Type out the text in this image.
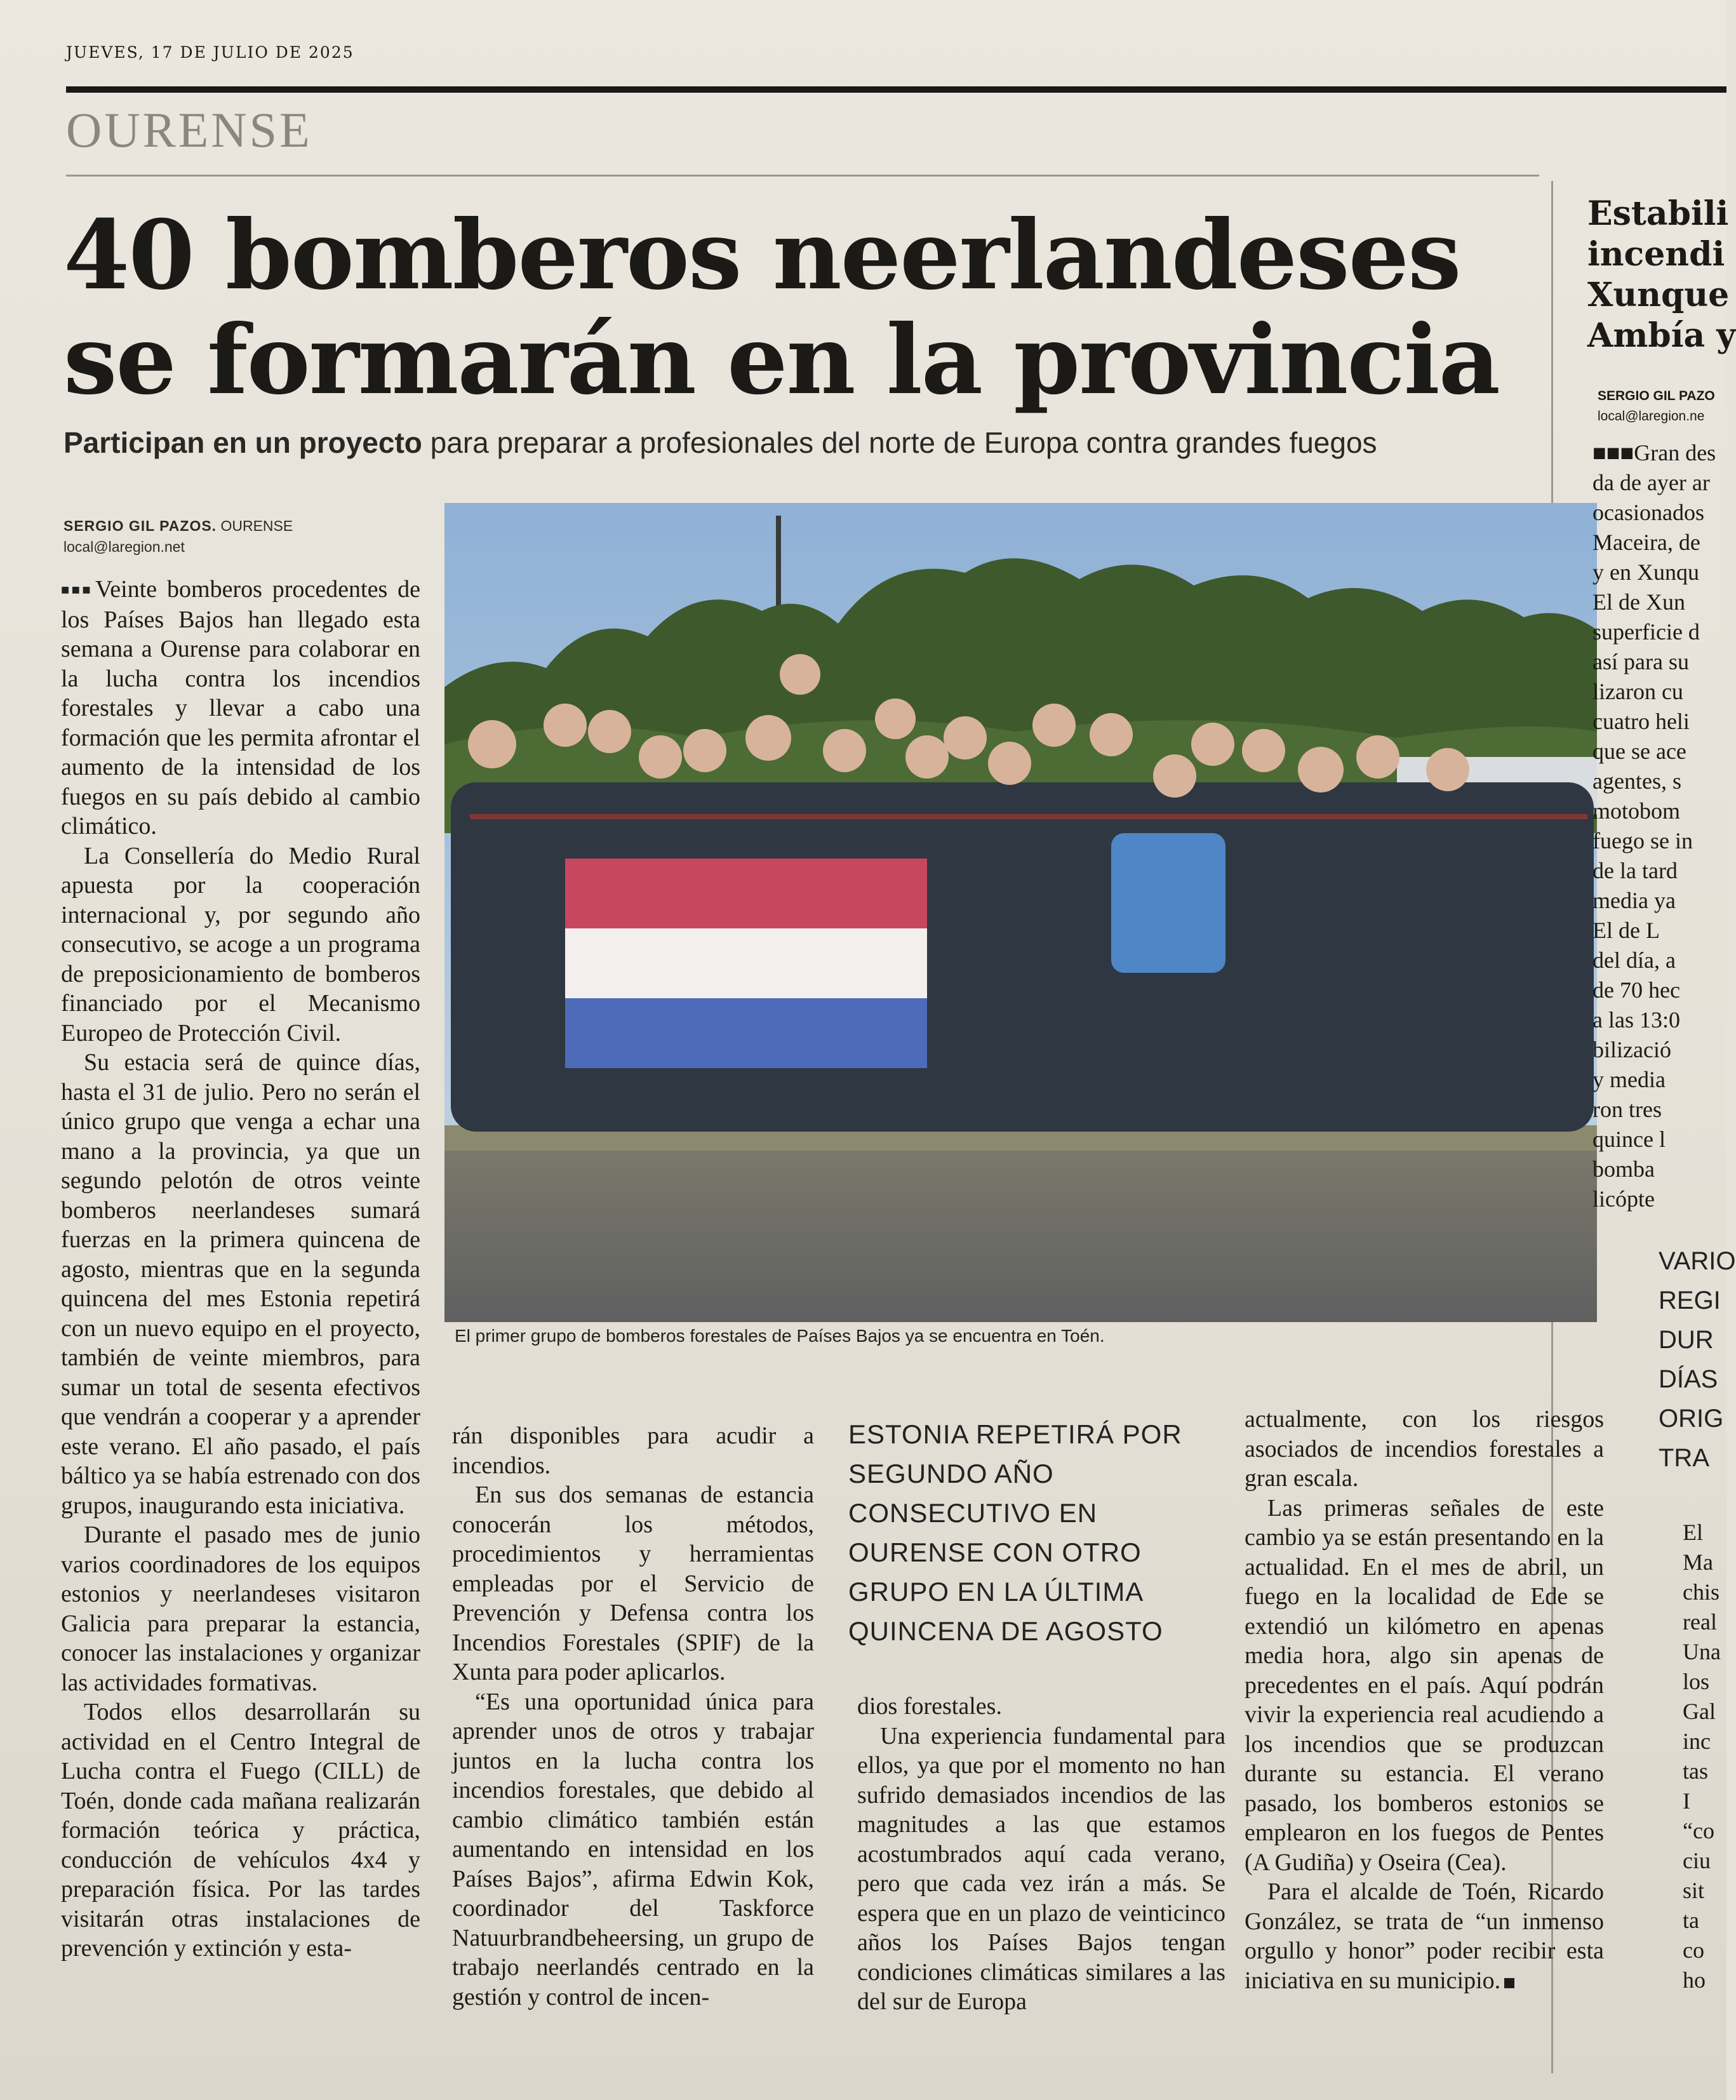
JUEVES, 17 DE JULIO DE 2025
OURENSE
40 bomberos neerlandeses
se formarán en la provincia
Participan en un proyecto para preparar a profesionales del norte de Europa contra grandes fuegos
SERGIO GIL PAZOS. OURENSE
local@laregion.net

■■■ Veinte bomberos procedentes de los Países Bajos han llegado esta semana a Ourense para colaborar en la lucha contra los incendios forestales y llevar a cabo una formación que les permita afrontar el aumento de la intensidad de los fuegos en su país debido al cambio climático.

La Consellería do Medio Rural apuesta por la cooperación internacional y, por segundo año consecutivo, se acoge a un programa de preposicionamiento de bomberos financiado por el Mecanismo Europeo de Protección Civil.

Su estacia será de quince días, hasta el 31 de julio. Pero no serán el único grupo que venga a echar una mano a la provincia, ya que un segundo pelotón de otros veinte bomberos neerlandeses sumará fuerzas en la primera quincena de agosto, mientras que en la segunda quincena del mes Estonia repetirá con un nuevo equipo en el proyecto, también de veinte miembros, para sumar un total de sesenta efectivos que vendrán a cooperar y a aprender este verano. El año pasado, el país báltico ya se había estrenado con dos grupos, inaugurando esta iniciativa.

Durante el pasado mes de junio varios coordinadores de los equipos estonios y neerlandeses visitaron Galicia para preparar la estancia, conocer las instalaciones y organizar las actividades formativas.

Todos ellos desarrollarán su actividad en el Centro Integral de Lucha contra el Fuego (CILL) de Toén, donde cada mañana realizarán formación teórica y práctica, conducción de vehículos 4x4 y preparación física. Por las tardes visitarán otras instalaciones de prevención y extinción y esta-

El primer grupo de bomberos forestales de Países Bajos ya se encuentra en Toén.

rán disponibles para acudir a incendios.

En sus dos semanas de estancia conocerán los métodos, procedimientos y herramientas empleadas por el Servicio de Prevención y Defensa contra los Incendios Forestales (SPIF) de la Xunta para poder aplicarlos.

“Es una oportunidad única para aprender unos de otros y trabajar juntos en la lucha contra los incendios forestales, que debido al cambio climático también están aumentando en intensidad en los Países Bajos”, afirma Edwin Kok, coordinador del Taskforce Natuurbrandbeheersing, un grupo de trabajo neerlandés centrado en la gestión y control de incen-

ESTONIA REPETIRÁ POR SEGUNDO AÑO CONSECUTIVO EN OURENSE CON OTRO GRUPO EN LA ÚLTIMA QUINCENA DE AGOSTO

dios forestales.

Una experiencia fundamental para ellos, ya que por el momento no han sufrido demasiados incendios de las magnitudes a las que estamos acostumbrados aquí cada verano, pero que cada vez irán a más. Se espera que en un plazo de veinticinco años los Países Bajos tengan condiciones climáticas similares a las del sur de Europa

actualmente, con los riesgos asociados de incendios forestales a gran escala.

Las primeras señales de este cambio ya se están presentando en la actualidad. En el mes de abril, un fuego en la localidad de Ede se extendió un kilómetro en apenas media hora, algo sin apenas de precedentes en el país. Aquí podrán vivir la experiencia real acudiendo a los incendios que se produzcan durante su estancia. El verano pasado, los bomberos estonios se emplearon en los fuegos de Pentes (A Gudiña) y Oseira (Cea).

Para el alcalde de Toén, Ricardo González, se trata de “un inmenso orgullo y honor” poder recibir esta iniciativa en su municipio.

Estabili
incendi
Xunque
Ambía y
SERGIO GIL PAZO
local@laregion.ne
■■■Gran des
da de ayer ar
ocasionados
Maceira, de
y en Xunqu
El de Xun
superficie d
así para su
lizaron cu
cuatro heli
que se ace
agentes, s
motobom
fuego se in
de la tard
media ya
El de L
del día, a
de 70 hec
a las 13:0
bilizació
y media
ron tres
quince l
bomba
licópte
VARIO
REGI
DUR
DÍAS
ORIG
TRA
El
Ma
chis
real
Una
los
Gal
inc
tas
I
“co
ciu
sit
ta
co
ho
